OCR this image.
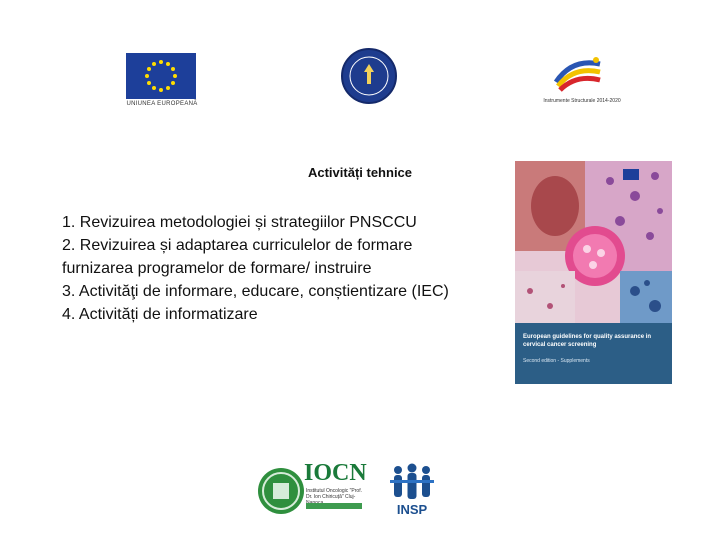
UNIUNEA EUROPEANĂ	Instrumente Structurale 2014-2020
Activități tehnice
1. Revizuirea metodologiei și strategiilor PNSCCU
2. Revizuirea și adaptarea curriculelor de formare
furnizarea programelor de formare/ instruire
3. Activităţi de informare, educare, conștientizare (IEC)
4. Activități de informatizare
European guidelines for quality assurance in cervical cancer screening
Second edition - Supplements
IOCN
Institutul Oncologic "Prof. Dr. Ion Chiricuță" Cluj-
INSP
